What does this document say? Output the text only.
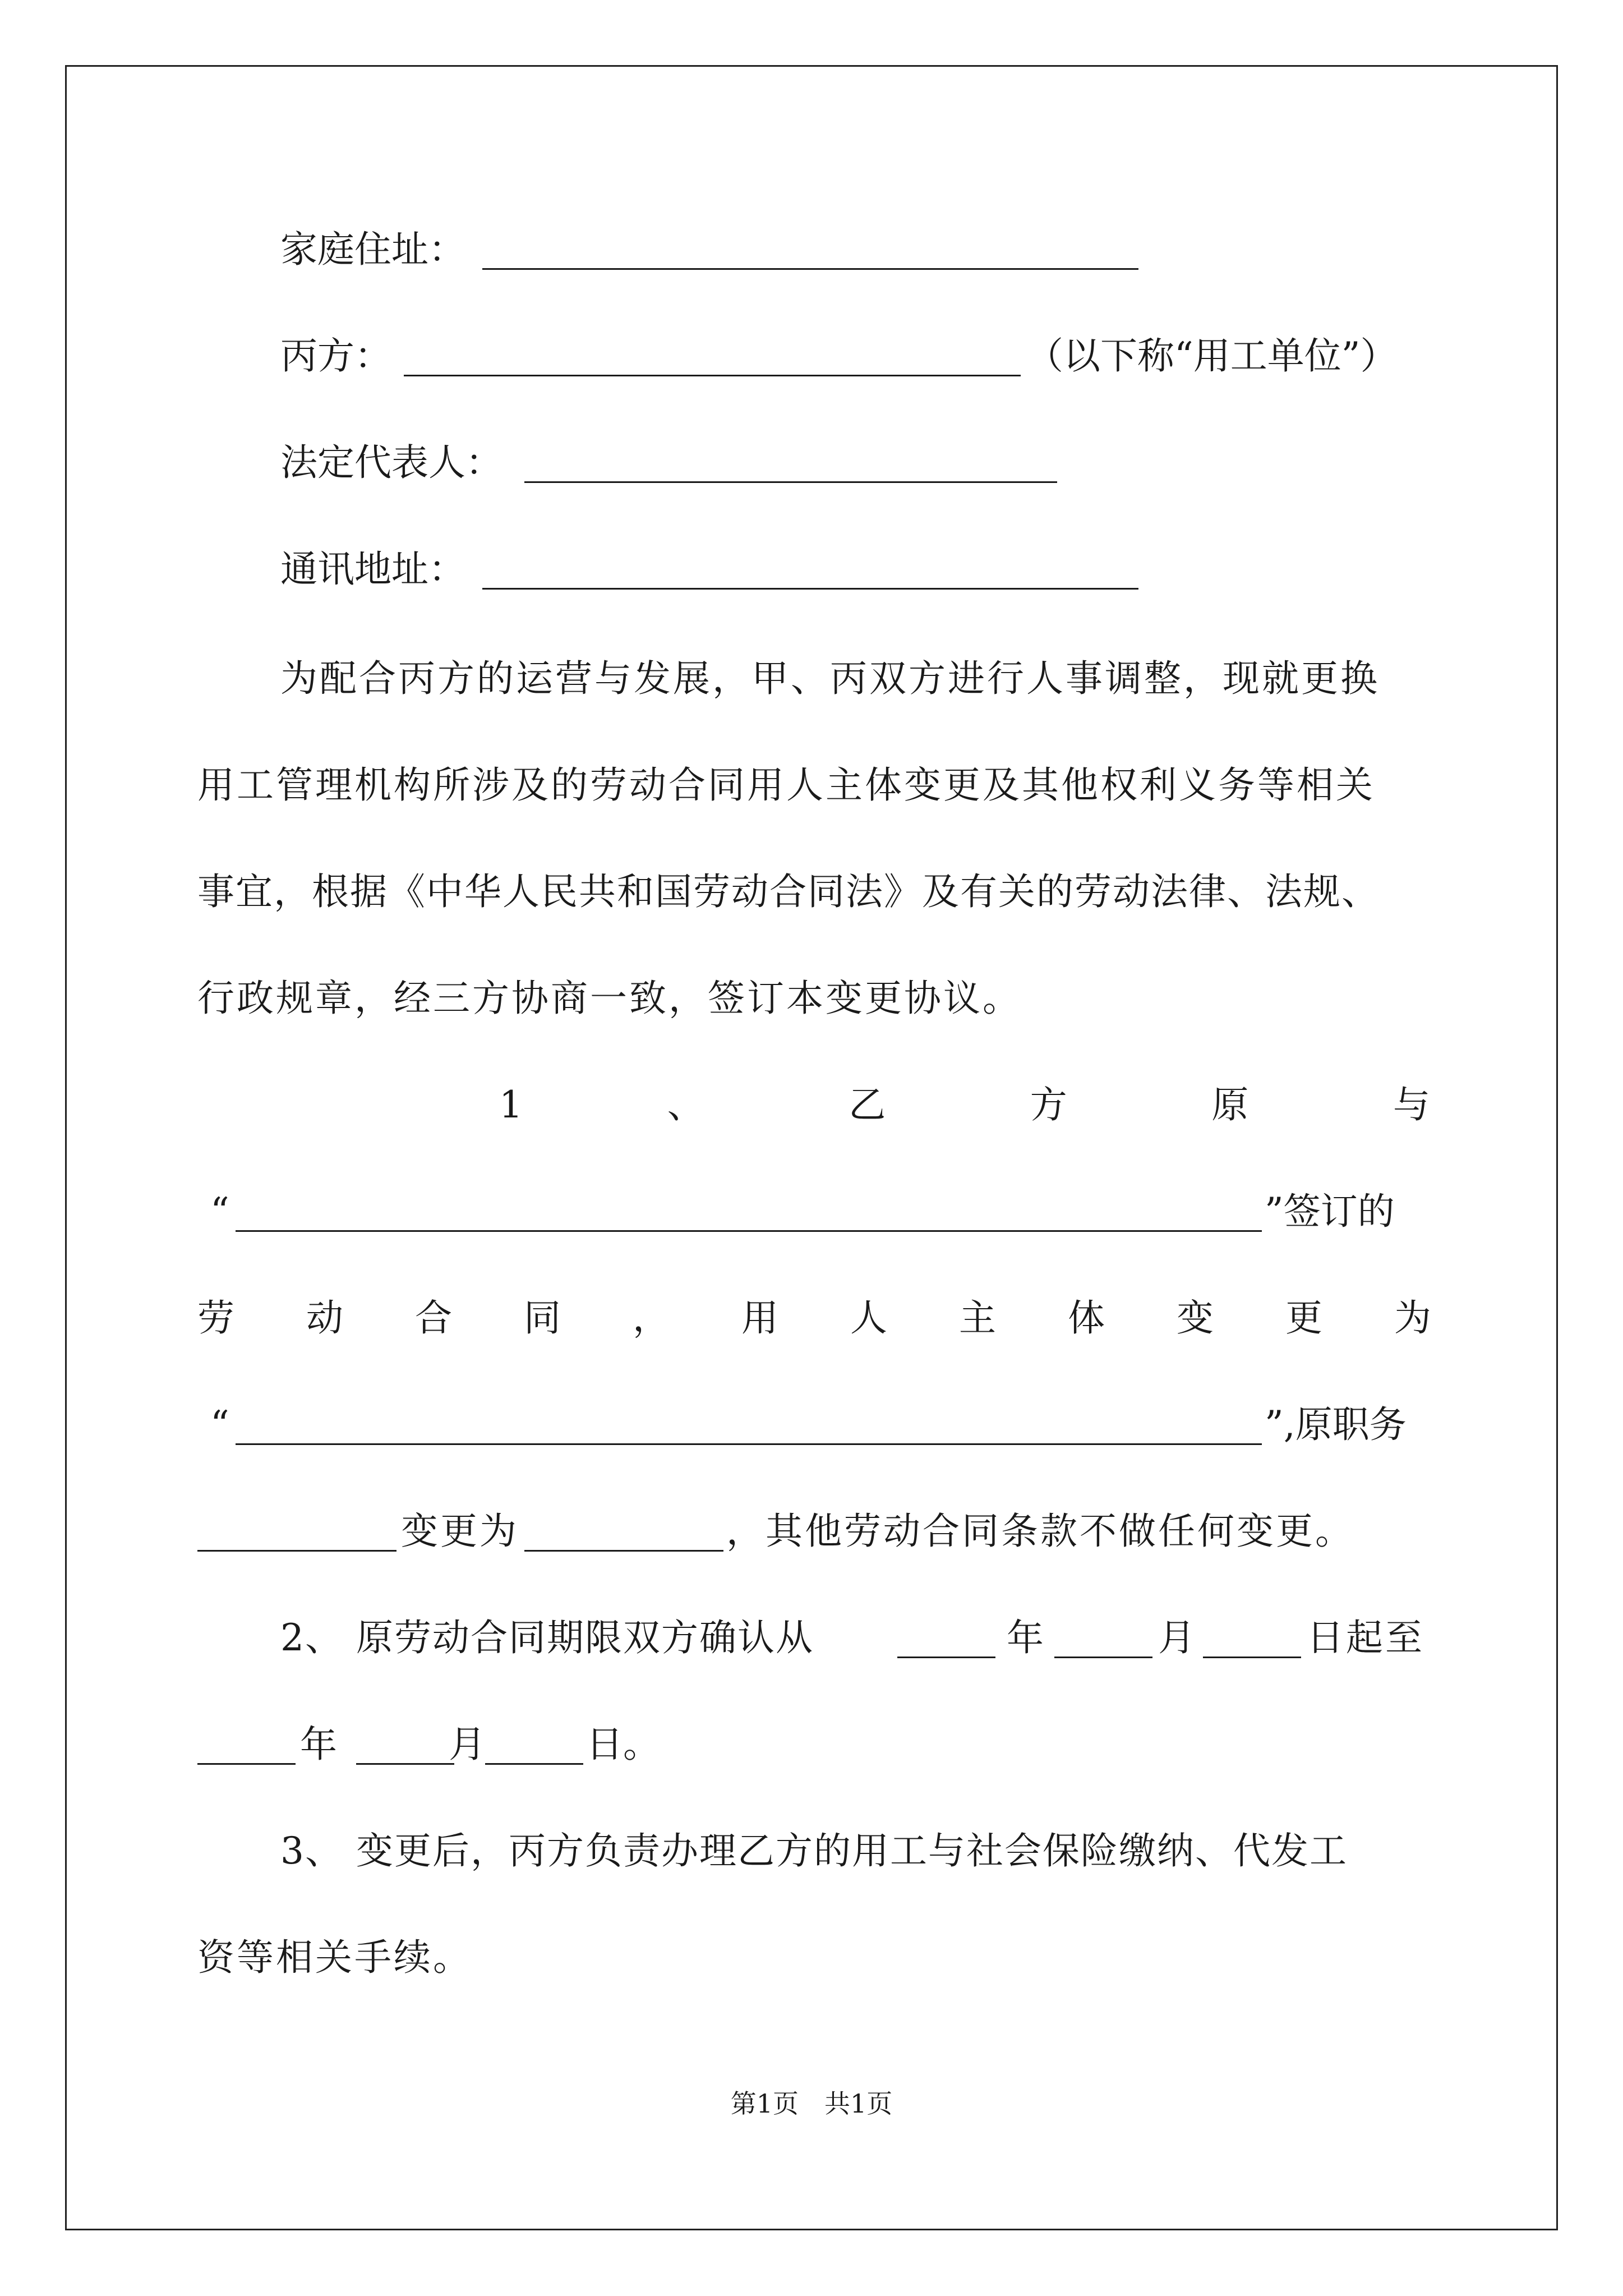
家庭住址：
丙方：	（以下称“用工单位”）
法定代表人：
通讯地址：
为配合丙方的运营与发展，甲、丙双方进行人事调整，现就更换
用工管理机构所涉及的劳动合同用人主体变更及其他权利义务等相关
事宜，根据《中华人民共和国劳动合同法》及有关的劳动法律、法规、
行政规章，经三方协商一致，签订本变更协议。
1	、	乙	方	原	与
“	”签订的
劳 动 合 同 ， 用 人 主 体 变 更 为
“	”,原职务
变更为	，其他劳动合同条款不做任何变更。
2、 原劳动合同期限双方确认从	年	月	日起至
年	月	日。
3、 变更后，丙方负责办理乙方的用工与社会保险缴纳、代发工
资等相关手续。
第1页　共1页
